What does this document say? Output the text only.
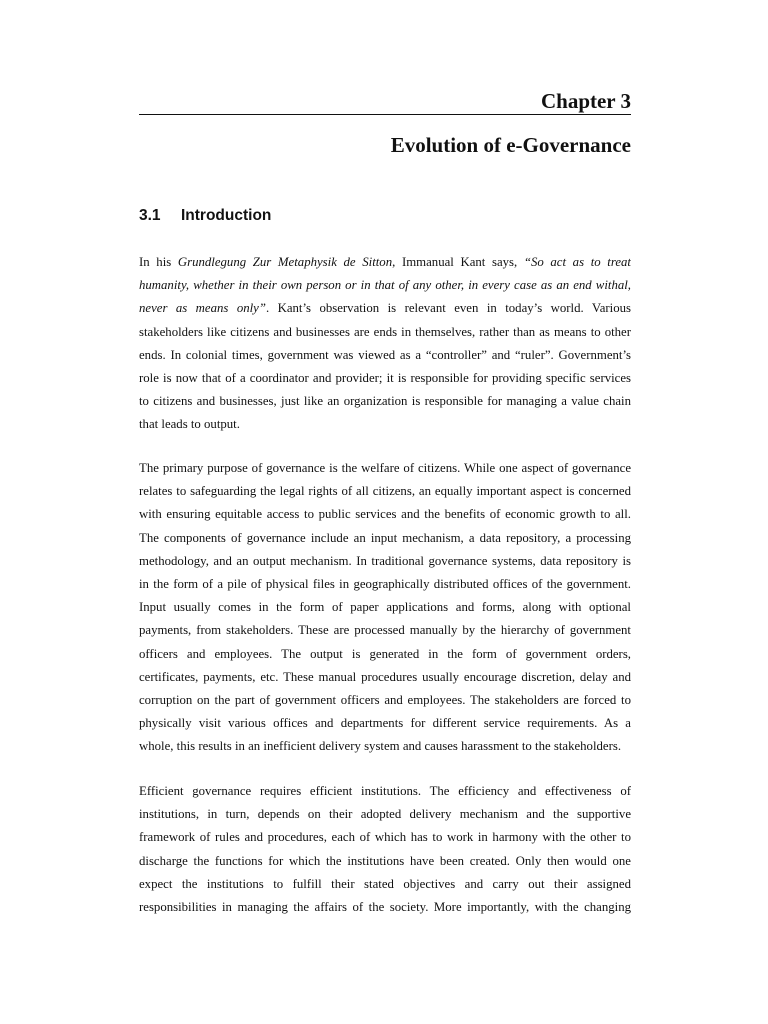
Chapter 3
Evolution of e-Governance
3.1 Introduction

In his Grundlegung Zur Metaphysik de Sitton, Immanual Kant says, “So act as to treat
humanity, whether in their own person or in that of any other, in every case as an end withal,
never as means only”. Kant’s observation is relevant even in today’s world. Various
stakeholders like citizens and businesses are ends in themselves, rather than as means to other
ends. In colonial times, government was viewed as a “controller” and “ruler”. Government’s
role is now that of a coordinator and provider; it is responsible for providing specific services
to citizens and businesses, just like an organization is responsible for managing a value chain
that leads to output.

The primary purpose of governance is the welfare of citizens. While one aspect of governance
relates to safeguarding the legal rights of all citizens, an equally important aspect is concerned
with ensuring equitable access to public services and the benefits of economic growth to all.
The components of governance include an input mechanism, a data repository, a processing
methodology, and an output mechanism. In traditional governance systems, data repository is
in the form of a pile of physical files in geographically distributed offices of the government.
Input usually comes in the form of paper applications and forms, along with optional
payments, from stakeholders. These are processed manually by the hierarchy of government
officers and employees. The output is generated in the form of government orders,
certificates, payments, etc. These manual procedures usually encourage discretion, delay and
corruption on the part of government officers and employees. The stakeholders are forced to
physically visit various offices and departments for different service requirements. As a
whole, this results in an inefficient delivery system and causes harassment to the stakeholders.

Efficient governance requires efficient institutions. The efficiency and effectiveness of
institutions, in turn, depends on their adopted delivery mechanism and the supportive
framework of rules and procedures, each of which has to work in harmony with the other to
discharge the functions for which the institutions have been created. Only then would one
expect the institutions to fulfill their stated objectives and carry out their assigned
responsibilities in managing the affairs of the society. More importantly, with the changing
